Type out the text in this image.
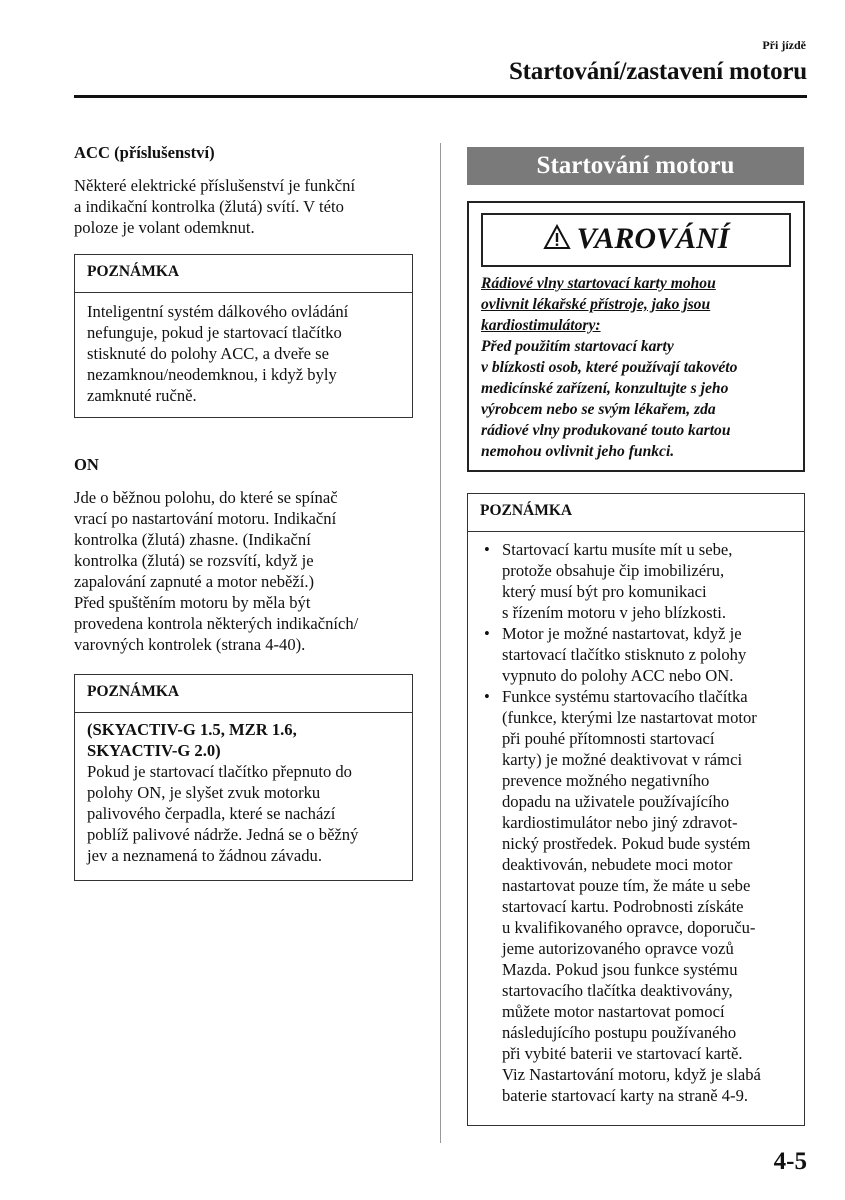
Při jízdě
Startování/zastavení motoru
ACC (příslušenství)
Některé elektrické příslušenství je funkční
a indikační kontrolka (žlutá) svítí. V této
poloze je volant odemknut.
POZNÁMKA
Inteligentní systém dálkového ovládání
nefunguje, pokud je startovací tlačítko
stisknuté do polohy ACC, a dveře se
nezamknou/neodemknou, i když byly
zamknuté ručně.
ON
Jde o běžnou polohu, do které se spínač
vrací po nastartování motoru. Indikační
kontrolka (žlutá) zhasne. (Indikační
kontrolka (žlutá) se rozsvítí, když je
zapalování zapnuté a motor neběží.)
Před spuštěním motoru by měla být
provedena kontrola některých indikačních/
varovných kontrolek (strana 4-40).
POZNÁMKA
(SKYACTIV-G 1.5, MZR 1.6,
SKYACTIV-G 2.0)
Pokud je startovací tlačítko přepnuto do
polohy ON, je slyšet zvuk motorku
palivového čerpadla, které se nachází
poblíž palivové nádrže. Jedná se o běžný
jev a neznamená to žádnou závadu.
Startování motoru
VAROVÁNÍ
Rádiové vlny startovací karty mohou
ovlivnit lékařské přístroje, jako jsou
kardiostimulátory:
Před použitím startovací karty
v blízkosti osob, které používají takovéto
medicínské zařízení, konzultujte s jeho
výrobcem nebo se svým lékařem, zda
rádiové vlny produkované touto kartou
nemohou ovlivnit jeho funkci.
POZNÁMKA
• Startovací kartu musíte mít u sebe,
protože obsahuje čip imobilizéru,
který musí být pro komunikaci
s řízením motoru v jeho blízkosti.
• Motor je možné nastartovat, když je
startovací tlačítko stisknuto z polohy
vypnuto do polohy ACC nebo ON.
• Funkce systému startovacího tlačítka
(funkce, kterými lze nastartovat motor
při pouhé přítomnosti startovací
karty) je možné deaktivovat v rámci
prevence možného negativního
dopadu na uživatele používajícího
kardiostimulátor nebo jiný zdravot-
nický prostředek. Pokud bude systém
deaktivován, nebudete moci motor
nastartovat pouze tím, že máte u sebe
startovací kartu. Podrobnosti získáte
u kvalifikovaného opravce, doporuču-
jeme autorizovaného opravce vozů
Mazda. Pokud jsou funkce systému
startovacího tlačítka deaktivovány,
můžete motor nastartovat pomocí
následujícího postupu používaného
při vybité baterii ve startovací kartě.
Viz Nastartování motoru, když je slabá
baterie startovací karty na straně 4-9.
4-5
